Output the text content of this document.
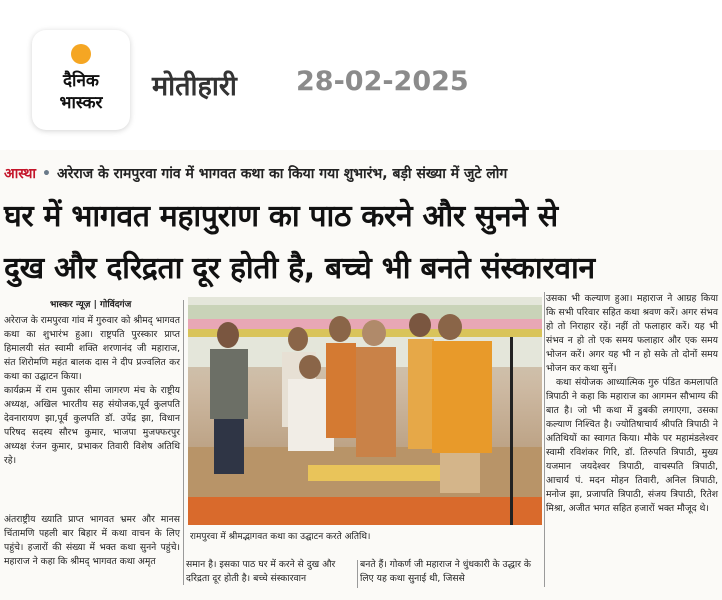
दैनिक
भास्कर
मोतीहारी 28-02-2025
आस्था • अरेराज के रामपुरवा गांव में भागवत कथा का किया गया शुभारंभ, बड़ी संख्या में जुटे लोग
घर में भागवत महापुराण का पाठ करने और सुनने से
दुख और दरिद्रता दूर होती है, बच्चे भी बनते संस्कारवान
भास्कर न्यूज़ | गोविंदगंज

अरेराज के रामपुरवा गांव में गुरुवार को श्रीमद् भागवत कथा का शुभारंभ हुआ। राष्ट्रपति पुरस्कार प्राप्त हिमालयी संत स्वामी शक्ति शरणानंद जी महाराज, संत शिरोमणि महंत बालक दास ने दीप प्रज्वलित कर कथा का उद्घाटन किया।

कार्यक्रम में राम पुकार सीमा जागरण मंच के राष्ट्रीय अध्यक्ष, अखिल भारतीय सह संयोजक,पूर्व कुलपति देवनारायण झा,पूर्व कुलपति डॉ. उपेंद्र झा, विधान परिषद सदस्य सौरभ कुमार, भाजपा मुजफ्फरपुर अध्यक्ष रंजन कुमार, प्रभाकर तिवारी विशेष अतिथि रहे।

अंतराष्ट्रीय ख्याति प्राप्त भागवत भ्रमर और मानस चिंतामणि पहली बार बिहार में कथा वाचन के लिए पहुंचे। हजारों की संख्या में भक्त कथा सुनने पहुंचे। महाराज ने कहा कि श्रीमद् भागवत कथा अमृत

रामपुरवा में श्रीमद्भागवत कथा का उद्घाटन करते अतिथि।
समान है। इसका पाठ घर में करने से दुख और दरिद्रता दूर होती है। बच्चे संस्कारवान
बनते हैं। गोकर्ण जी महाराज ने धुंधकारी के उद्धार के लिए यह कथा सुनाई थी, जिससे

उसका भी कल्याण हुआ। महाराज ने आग्रह किया कि सभी परिवार सहित कथा श्रवण करें। अगर संभव हो तो निराहार रहें। नहीं तो फलाहार करें। यह भी संभव न हो तो एक समय फलाहार और एक समय भोजन करें। अगर यह भी न हो सके तो दोनों समय भोजन कर कथा सुनें।

कथा संयोजक आध्यात्मिक गुरु पंडित कमलापति त्रिपाठी ने कहा कि महाराज का आगमन सौभाग्य की बात है। जो भी कथा में डुबकी लगाएगा, उसका कल्याण निश्चित है। ज्योतिषाचार्य श्रीपति त्रिपाठी ने अतिथियों का स्वागत किया। मौके पर महामंडलेश्वर स्वामी रविशंकर गिरि, डॉ. तिरुपति त्रिपाठी, मुख्य यजमान जयदेश्वर त्रिपाठी, वाचस्पति त्रिपाठी, आचार्य पं. मदन मोहन तिवारी, अनिल त्रिपाठी, मनोज झा, प्रजापति त्रिपाठी, संजय त्रिपाठी, रितेश मिश्रा, अजीत भगत सहित हजारों भक्त मौजूद थे।
